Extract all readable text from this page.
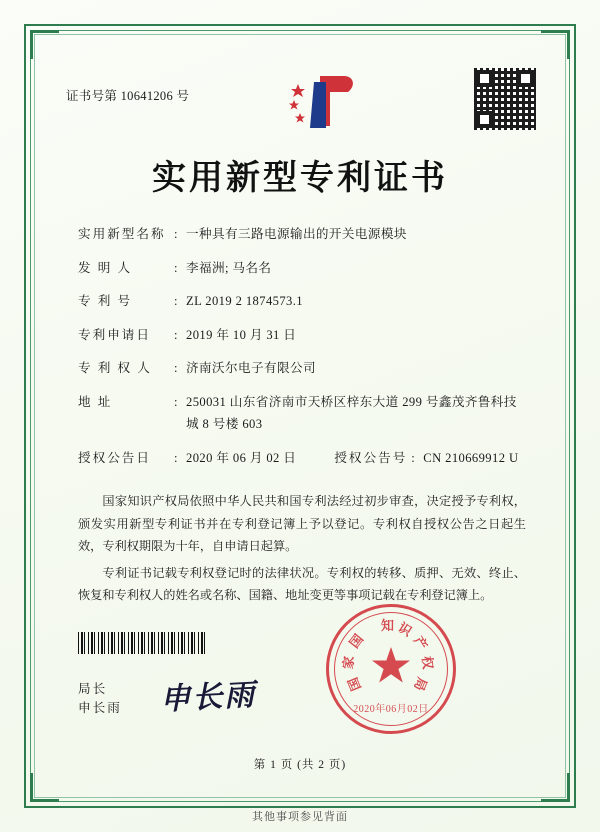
证书号第 10641206 号
实用新型专利证书
实用新型名称 : 一种具有三路电源输出的开关电源模块
发 明 人	: 李福洲; 马名名
专 利 号	: ZL 2019 2 1874573.1
专利申请日	: 2019 年 10 月 31 日
专 利 权 人	: 济南沃尔电子有限公司
地 址	: 250031 山东省济南市天桥区梓东大道 299 号鑫茂齐鲁科技
城 8 号楼 603
授权公告日	: 2020 年 06 月 02 日	授权公告号 : CN 210669912 U

国家知识产权局依照中华人民共和国专利法经过初步审查，决定授予专利权，颁发实用新型专利证书并在专利登记簿上予以登记。专利权自授权公告之日起生效，专利权期限为十年，自申请日起算。

专利证书记载专利权登记时的法律状况。专利权的转移、质押、无效、终止、恢复和专利权人的姓名或名称、国籍、地址变更等事项记载在专利登记簿上。

局长
申长雨 申长雨
知 识
产
权
局
国
家
国
2020年06月02日
第 1 页 (共 2 页)
其他事项参见背面
